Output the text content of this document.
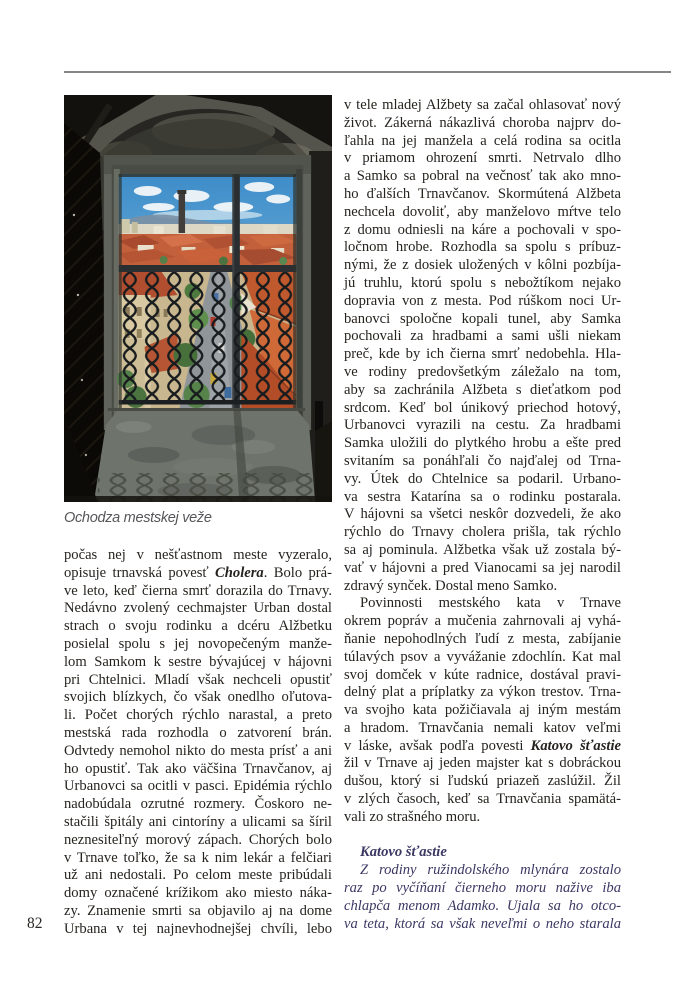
Ochodza mestskej veže
počas nej v nešťastnom meste vyzeralo,
opisuje trnavská povesť Cholera. Bolo prá-
ve leto, keď čierna smrť dorazila do Trnavy.
Nedávno zvolený cechmajster Urban dostal
strach o svoju rodinku a dcéru Alžbetku
posielal spolu s jej novopečeným manže-
lom Samkom k sestre bývajúcej v hájovni
pri Chtelnici. Mladí však nechceli opustiť
svojich blízkych, čo však onedlho oľutova-
li. Počet chorých rýchlo narastal, a preto
mestská rada rozhodla o zatvorení brán.
Odvtedy nemohol nikto do mesta prísť a ani
ho opustiť. Tak ako väčšina Trnavčanov, aj
Urbanovci sa ocitli v pasci. Epidémia rýchlo
nadobúdala ozrutné rozmery. Čoskoro ne-
stačili špitály ani cintoríny a ulicami sa šíril
neznesiteľný morový zápach. Chorých bolo
v Trnave toľko, že sa k nim lekár a felčiari
už ani nedostali. Po celom meste pribúdali
domy označené krížikom ako miesto náka-
zy. Znamenie smrti sa objavilo aj na dome
Urbana v tej najnevhodnejšej chvíli, lebo
v tele mladej Alžbety sa začal ohlasovať nový
život. Zákerná nákazlivá choroba najprv do-
ľahla na jej manžela a celá rodina sa ocitla
v priamom ohrození smrti. Netrvalo dlho
a Samko sa pobral na večnosť tak ako mno-
ho ďalších Trnavčanov. Skormútená Alžbeta
nechcela dovoliť, aby manželovo mŕtve telo
z domu odniesli na káre a pochovali v spo-
ločnom hrobe. Rozhodla sa spolu s príbuz-
nými, že z dosiek uložených v kôlni pozbíja-
jú truhlu, ktorú spolu s nebožtíkom nejako
dopravia von z mesta. Pod rúškom noci Ur-
banovci spoločne kopali tunel, aby Samka
pochovali za hradbami a sami ušli niekam
preč, kde by ich čierna smrť nedobehla. Hla-
ve rodiny predovšetkým záležalo na tom,
aby sa zachránila Alžbeta s dieťatkom pod
srdcom. Keď bol únikový priechod hotový,
Urbanovci vyrazili na cestu. Za hradbami
Samka uložili do plytkého hrobu a ešte pred
svitaním sa ponáhľali čo najďalej od Trna-
vy. Útek do Chtelnice sa podaril. Urbano-
va sestra Katarína sa o rodinku postarala.
V hájovni sa všetci neskôr dozvedeli, že ako
rýchlo do Trnavy cholera prišla, tak rýchlo
sa aj pominula. Alžbetka však už zostala bý-
vať v hájovni a pred Vianocami sa jej narodil
zdravý synček. Dostal meno Samko.
Povinnosti mestského kata v Trnave
okrem popráv a mučenia zahrnovali aj vyhá-
ňanie nepohodlných ľudí z mesta, zabíjanie
túlavých psov a vyvážanie zdochlín. Kat mal
svoj domček v kúte radnice, dostával pravi-
delný plat a príplatky za výkon trestov. Trna-
va svojho kata požičiavala aj iným mestám
a hradom. Trnavčania nemali katov veľmi
v láske, avšak podľa povesti Katovo šťastie
žil v Trnave aj jeden majster kat s dobráckou
dušou, ktorý si ľudskú priazeň zaslúžil. Žil
v zlých časoch, keď sa Trnavčania spamätá-
vali zo strašného moru.
Katovo šťastie
Z rodiny ružindolského mlynára zostalo
raz po vyčíňaní čierneho moru nažive iba
chlapča menom Adamko. Ujala sa ho otco-
va teta, ktorá sa však neveľmi o neho starala
82
